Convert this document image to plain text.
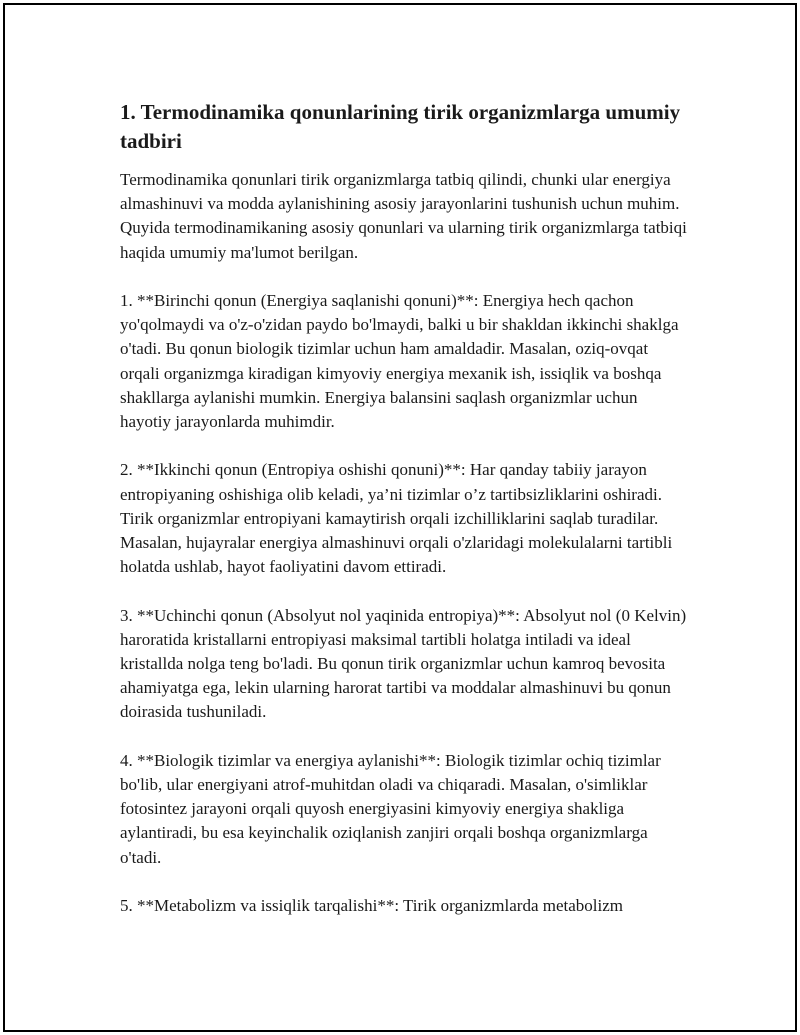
1. Termodinamika qonunlarining tirik organizmlarga umumiy tadbiri

Termodinamika qonunlari tirik organizmlarga tatbiq qilindi, chunki ular energiya almashinuvi va modda aylanishining asosiy jarayonlarini tushunish uchun muhim. Quyida termodinamikaning asosiy qonunlari va ularning tirik organizmlarga tatbiqi haqida umumiy ma'lumot berilgan.

1. **Birinchi qonun (Energiya saqlanishi qonuni)**: Energiya hech qachon yo'qolmaydi va o'z-o'zidan paydo bo'lmaydi, balki u bir shakldan ikkinchi shaklga o'tadi. Bu qonun biologik tizimlar uchun ham amaldadir. Masalan, oziq-ovqat orqali organizmga kiradigan kimyoviy energiya mexanik ish, issiqlik va boshqa shakllarga aylanishi mumkin. Energiya balansini saqlash organizmlar uchun hayotiy jarayonlarda muhimdir.

2. **Ikkinchi qonun (Entropiya oshishi qonuni)**: Har qanday tabiiy jarayon entropiyaning oshishiga olib keladi, ya’ni tizimlar o’z tartibsizliklarini oshiradi. Tirik organizmlar entropiyani kamaytirish orqali izchilliklarini saqlab turadilar. Masalan, hujayralar energiya almashinuvi orqali o'zlaridagi molekulalarni tartibli holatda ushlab, hayot faoliyatini davom ettiradi.

3. **Uchinchi qonun (Absolyut nol yaqinida entropiya)**: Absolyut nol (0 Kelvin) haroratida kristallarni entropiyasi maksimal tartibli holatga intiladi va ideal kristallda nolga teng bo'ladi. Bu qonun tirik organizmlar uchun kamroq bevosita ahamiyatga ega, lekin ularning harorat tartibi va moddalar almashinuvi bu qonun doirasida tushuniladi.

4. **Biologik tizimlar va energiya aylanishi**: Biologik tizimlar ochiq tizimlar bo'lib, ular energiyani atrof-muhitdan oladi va chiqaradi. Masalan, o'simliklar fotosintez jarayoni orqali quyosh energiyasini kimyoviy energiya shakliga aylantiradi, bu esa keyinchalik oziqlanish zanjiri orqali boshqa organizmlarga o'tadi.

5. **Metabolizm va issiqlik tarqalishi**: Tirik organizmlarda metabolizm
